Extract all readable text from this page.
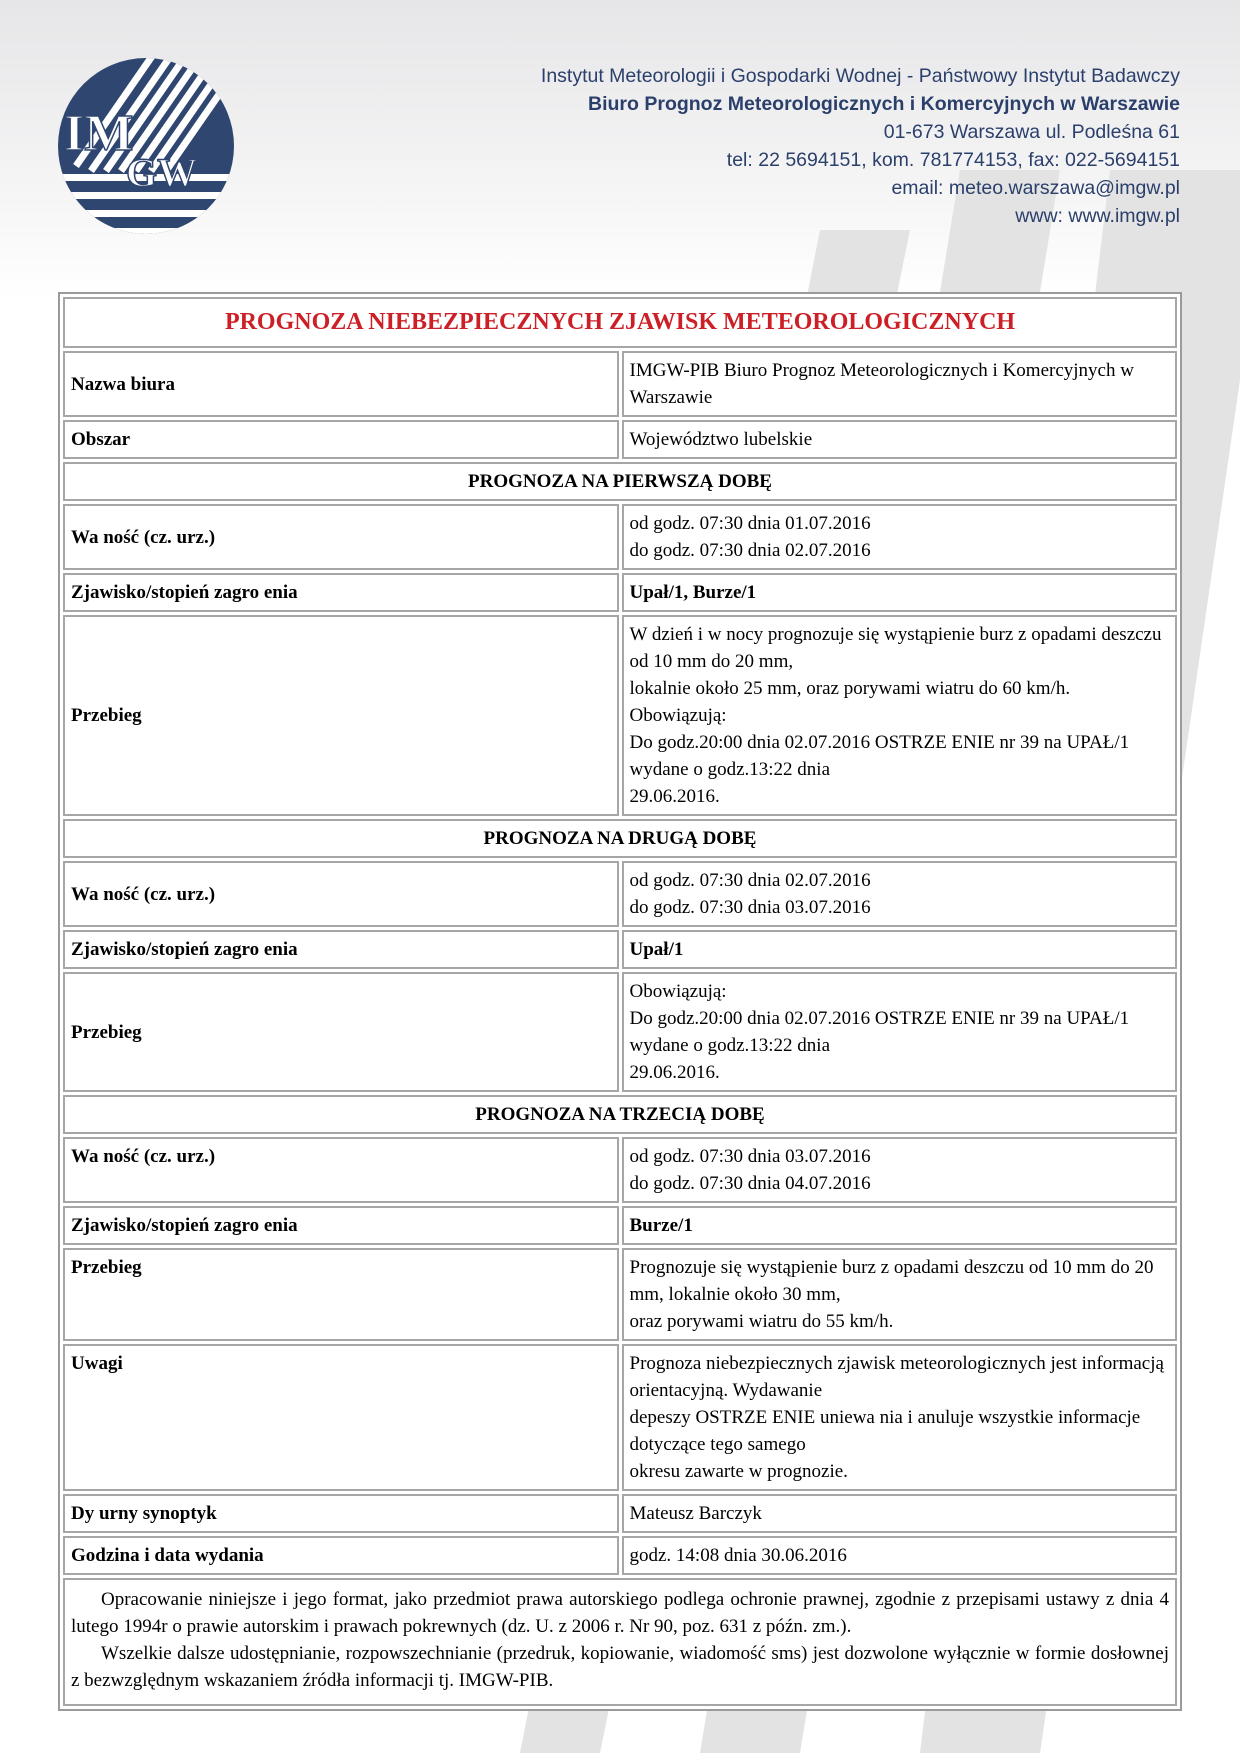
IM
GW
Instytut Meteorologii i Gospodarki Wodnej - Państwowy Instytut Badawczy
Biuro Prognoz Meteorologicznych i Komercyjnych w Warszawie
01-673 Warszawa ul. Podleśna 61
tel: 22 5694151, kom. 781774153, fax: 022-5694151
email: meteo.warszawa@imgw.pl
www: www.imgw.pl
PROGNOZA NIEBEZPIECZNYCH ZJAWISK METEOROLOGICZNYCH	
Nazwa biura	IMGW-PIB Biuro Prognoz Meteorologicznych i Komercyjnych w Warszawie
Obszar	Województwo lubelskie
PROGNOZA NA PIERWSZĄ DOBĘ	
Wa ność (cz. urz.)	od godz. 07:30 dnia 01.07.2016
do godz. 07:30 dnia 02.07.2016

Zjawisko/stopień zagro enia	Upał/1, Burze/1
Przebieg	W dzień i w nocy prognozuje się wystąpienie burz z opadami deszczu od 10 mm do 20 mm,
lokalnie około 25 mm, oraz porywami wiatru do 60 km/h.
Obowiązują:
Do godz.20:00 dnia 02.07.2016 OSTRZE ENIE nr 39 na UPAŁ/1 wydane o godz.13:22 dnia
29.06.2016.

PROGNOZA NA DRUGĄ DOBĘ	
Wa ność (cz. urz.)	od godz. 07:30 dnia 02.07.2016
do godz. 07:30 dnia 03.07.2016

Zjawisko/stopień zagro enia	Upał/1
Przebieg	Obowiązują:
Do godz.20:00 dnia 02.07.2016 OSTRZE ENIE nr 39 na UPAŁ/1 wydane o godz.13:22 dnia
29.06.2016.

PROGNOZA NA TRZECIĄ DOBĘ	
Wa ność (cz. urz.)	od godz. 07:30 dnia 03.07.2016
do godz. 07:30 dnia 04.07.2016

Zjawisko/stopień zagro enia	Burze/1
Przebieg	Prognozuje się wystąpienie burz z opadami deszczu od 10 mm do 20 mm, lokalnie około 30 mm,
oraz porywami wiatru do 55 km/h.

Uwagi	Prognoza niebezpiecznych zjawisk meteorologicznych jest informacją orientacyjną. Wydawanie
depeszy OSTRZE ENIE uniewa nia i anuluje wszystkie informacje dotyczące tego samego
okresu zawarte w prognozie.

Dy urny synoptyk	Mateusz Barczyk
Godzina i data wydania	godz. 14:08 dnia 30.06.2016

Opracowanie niniejsze i jego format, jako przedmiot prawa autorskiego podlega ochronie prawnej, zgodnie z przepisami ustawy z dnia 4 lutego 1994r o prawie autorskim i prawach pokrewnych (dz. U. z 2006 r. Nr 90, poz. 631 z późn. zm.).

Wszelkie dalsze udostępnianie, rozpowszechnianie (przedruk, kopiowanie, wiadomość sms) jest dozwolone wyłącznie w formie dosłownej z bezwzględnym wskazaniem źródła informacji tj. IMGW-PIB.	
